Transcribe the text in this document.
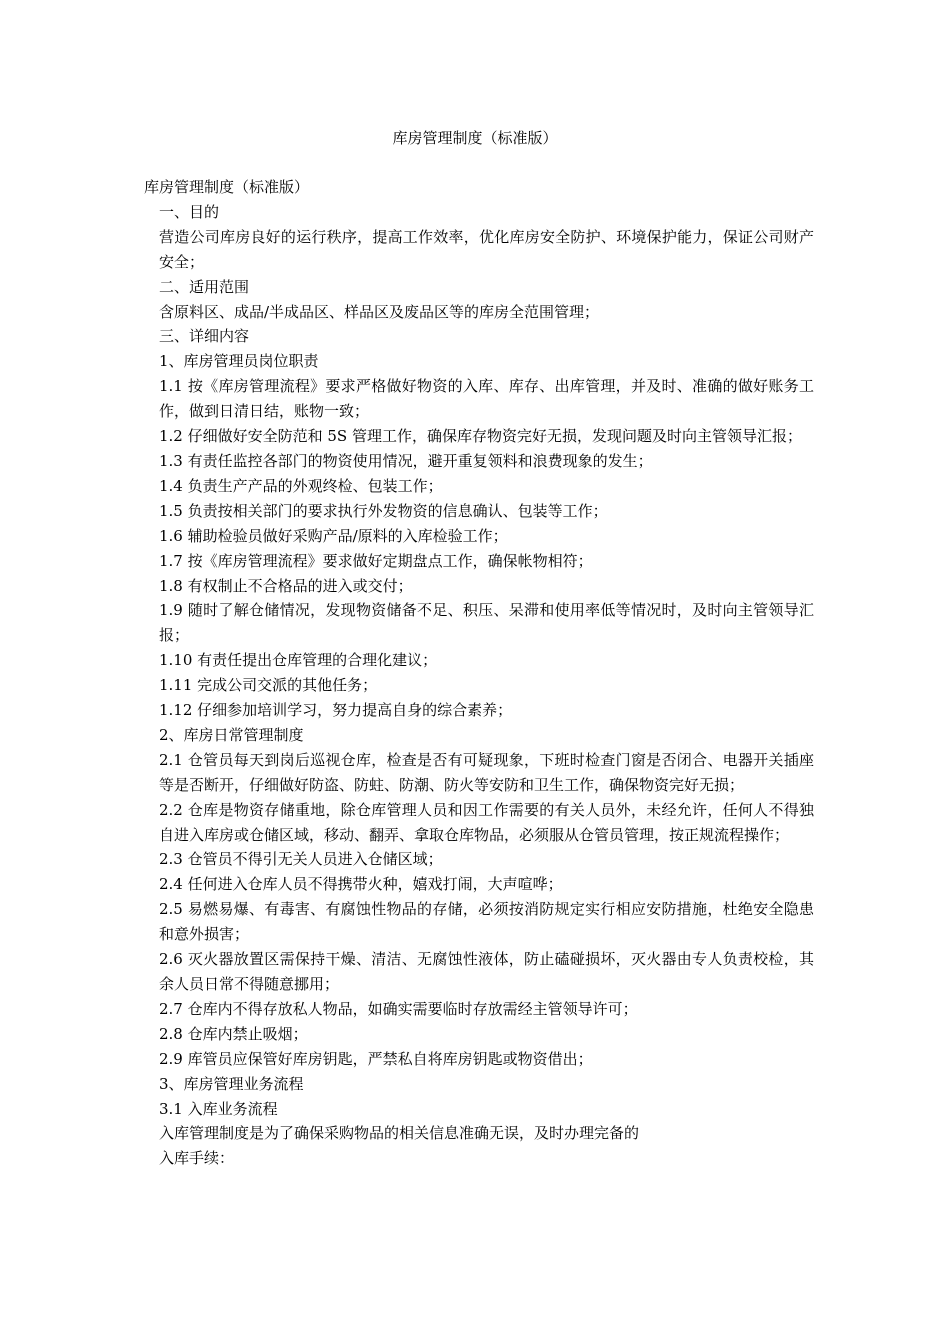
库房管理制度（标准版）

库房管理制度（标准版）

一、目的

营造公司库房良好的运行秩序，提高工作效率，优化库房安全防护、环境保护能力，保证公司财产安全；

二、适用范围

含原料区、成品/半成品区、样品区及废品区等的库房全范围管理；

三、详细内容

1、库房管理员岗位职责

1.1 按《库房管理流程》要求严格做好物资的入库、库存、出库管理，并及时、准确的做好账务工作，做到日清日结，账物一致；

1.2 仔细做好安全防范和 5S 管理工作，确保库存物资完好无损，发现问题及时向主管领导汇报；

1.3 有责任监控各部门的物资使用情况，避开重复领料和浪费现象的发生；

1.4 负责生产产品的外观终检、包装工作；

1.5 负责按相关部门的要求执行外发物资的信息确认、包装等工作；

1.6 辅助检验员做好采购产品/原料的入库检验工作；

1.7 按《库房管理流程》要求做好定期盘点工作，确保帐物相符；

1.8 有权制止不合格品的进入或交付；

1.9 随时了解仓储情况，发现物资储备不足、积压、呆滞和使用率低等情况时，及时向主管领导汇报；

1.10 有责任提出仓库管理的合理化建议；

1.11 完成公司交派的其他任务；

1.12 仔细参加培训学习，努力提高自身的综合素养；

2、库房日常管理制度

2.1 仓管员每天到岗后巡视仓库，检查是否有可疑现象，下班时检查门窗是否闭合、电器开关插座等是否断开，仔细做好防盗、防蛀、防潮、防火等安防和卫生工作，确保物资完好无损；

2.2 仓库是物资存储重地，除仓库管理人员和因工作需要的有关人员外，未经允许，任何人不得独自进入库房或仓储区域，移动、翻弄、拿取仓库物品，必须服从仓管员管理，按正规流程操作；

2.3 仓管员不得引无关人员进入仓储区域；

2.4 任何进入仓库人员不得携带火种，嬉戏打闹，大声喧哗；

2.5 易燃易爆、有毒害、有腐蚀性物品的存储，必须按消防规定实行相应安防措施，杜绝安全隐患和意外损害；

2.6 灭火器放置区需保持干燥、清洁、无腐蚀性液体，防止磕碰损坏，灭火器由专人负责校检，其余人员日常不得随意挪用；

2.7 仓库内不得存放私人物品，如确实需要临时存放需经主管领导许可；

2.8 仓库内禁止吸烟；

2.9 库管员应保管好库房钥匙，严禁私自将库房钥匙或物资借出；

3、库房管理业务流程

3.1 入库业务流程

入库管理制度是为了确保采购物品的相关信息准确无误，及时办理完备的

入库手续：
